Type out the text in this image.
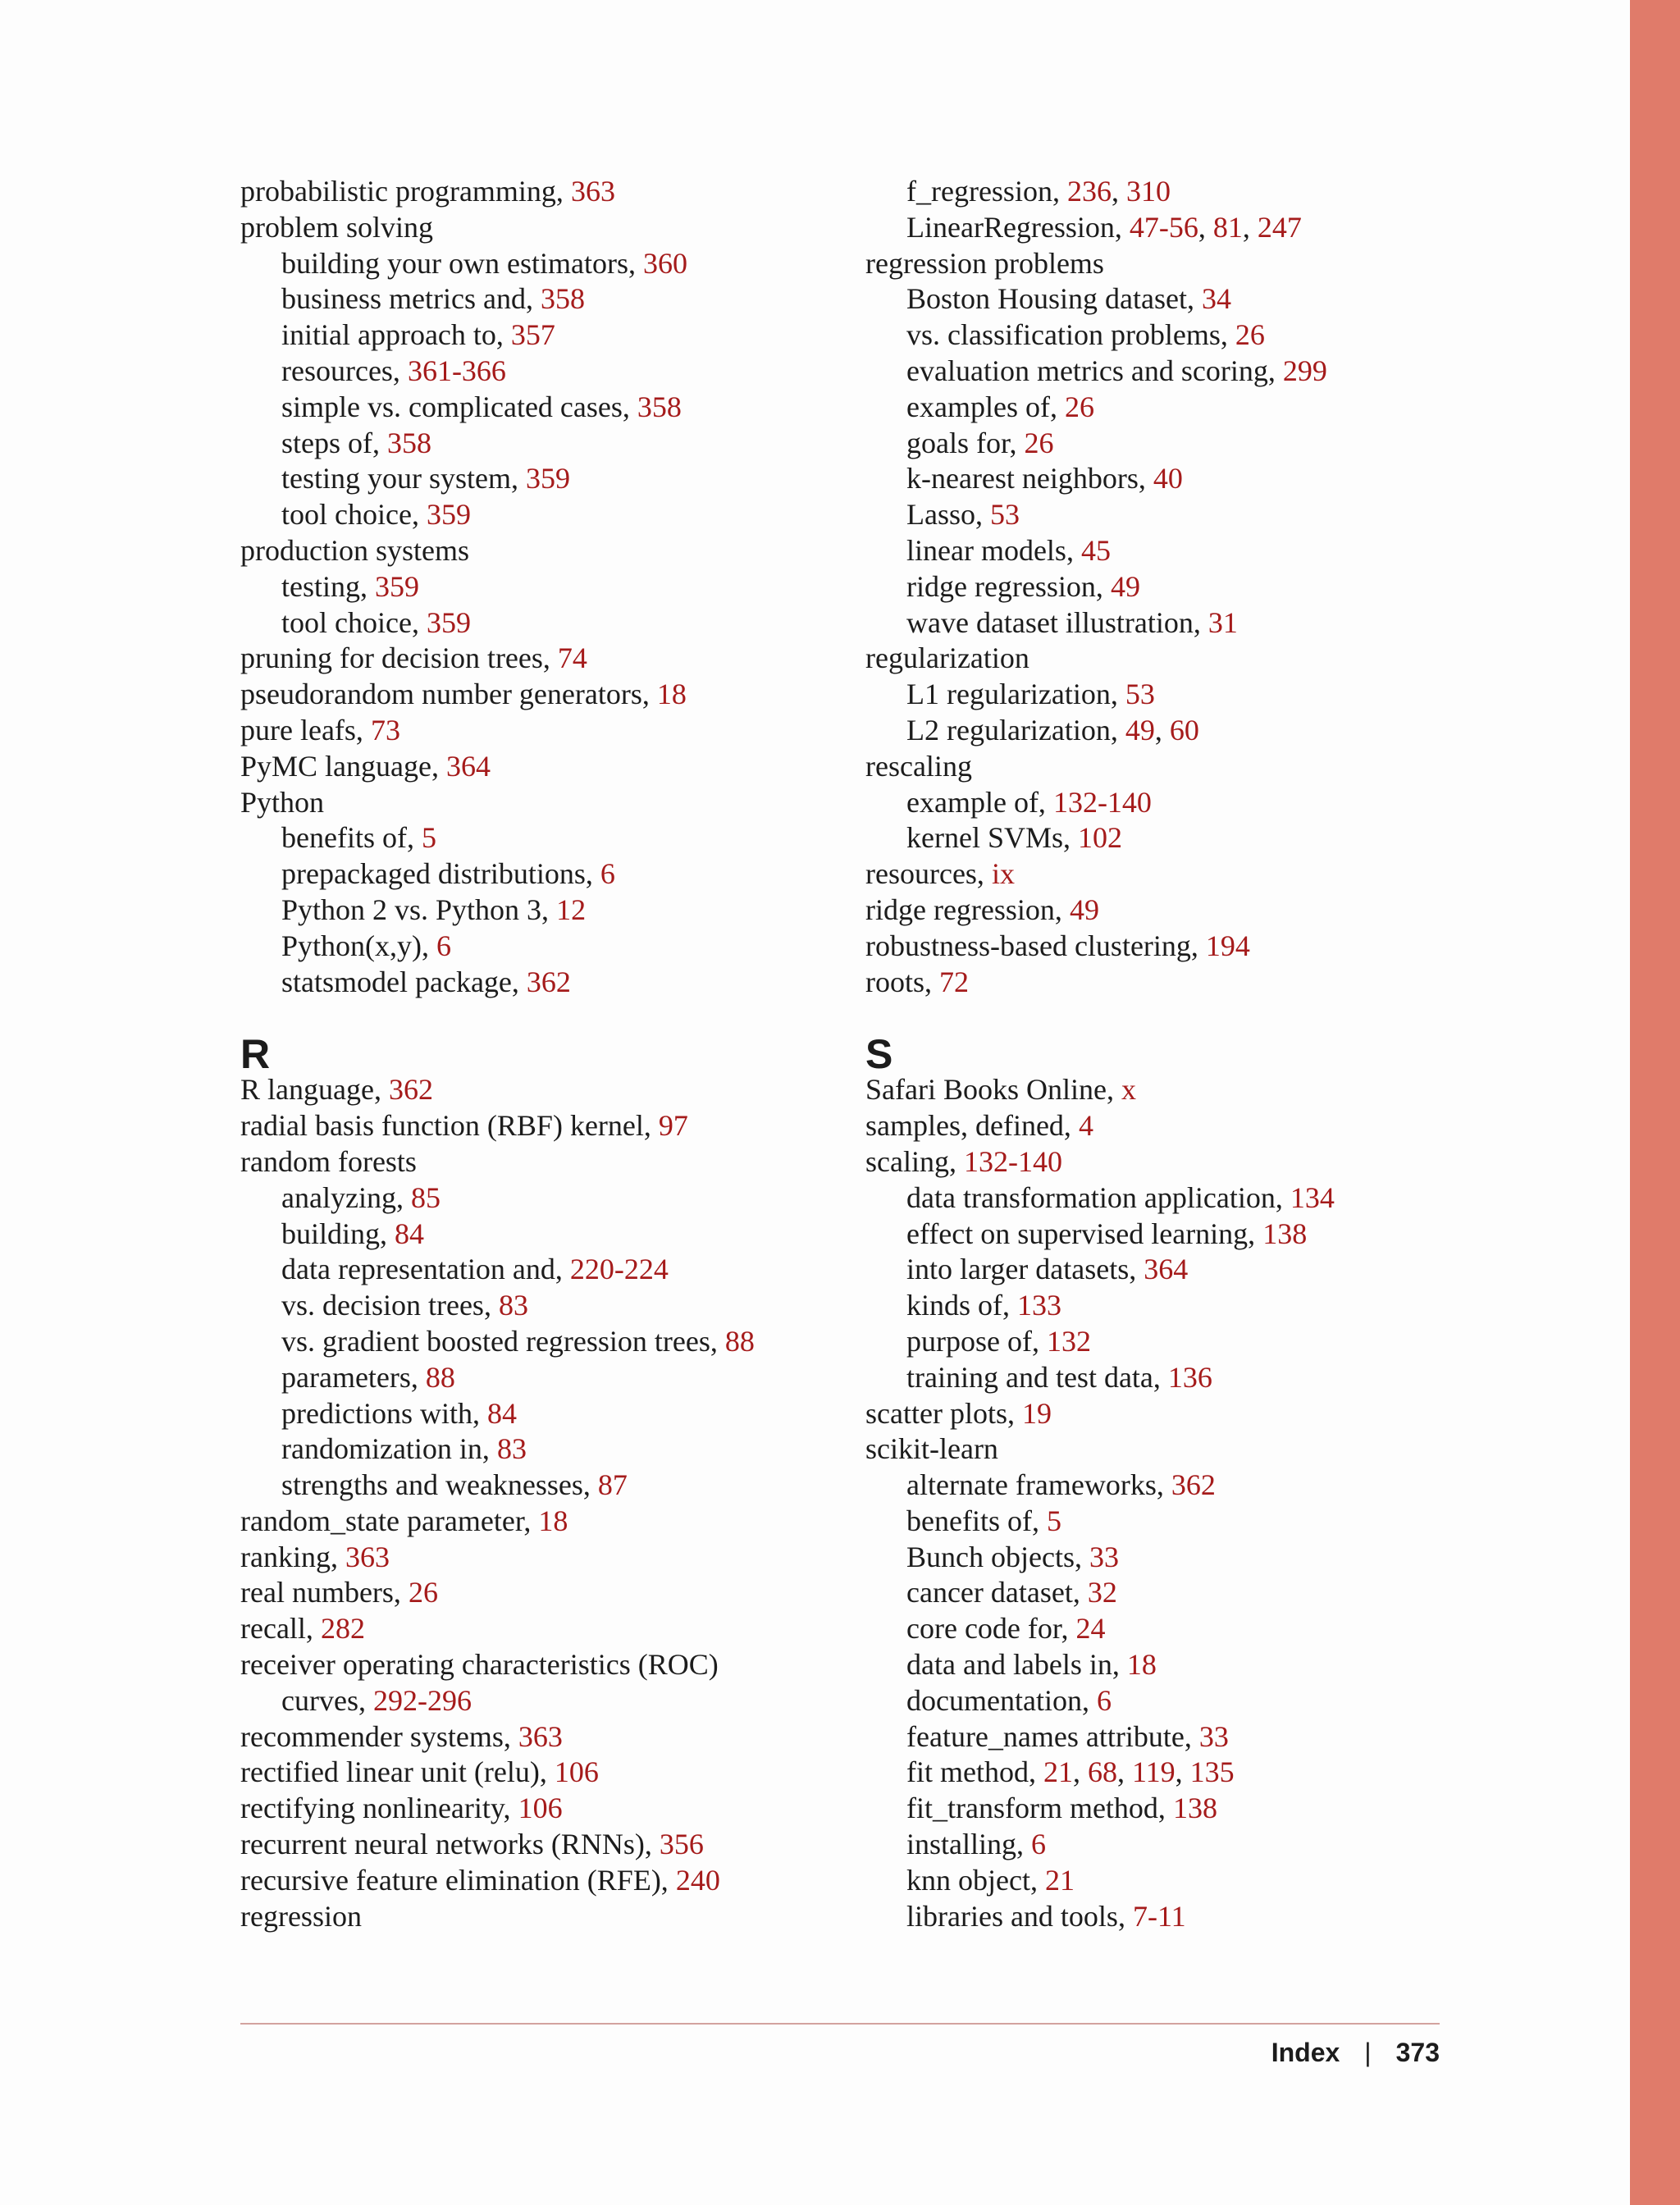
probabilistic programming, 363
problem solving
building your own estimators, 360
business metrics and, 358
initial approach to, 357
resources, 361-366
simple vs. complicated cases, 358
steps of, 358
testing your system, 359
tool choice, 359
production systems
testing, 359
tool choice, 359
pruning for decision trees, 74
pseudorandom number generators, 18
pure leafs, 73
PyMC language, 364
Python
benefits of, 5
prepackaged distributions, 6
Python 2 vs. Python 3, 12
Python(x,y), 6
statsmodel package, 362
R
R language, 362
radial basis function (RBF) kernel, 97
random forests
analyzing, 85
building, 84
data representation and, 220-224
vs. decision trees, 83
vs. gradient boosted regression trees, 88
parameters, 88
predictions with, 84
randomization in, 83
strengths and weaknesses, 87
random_state parameter, 18
ranking, 363
real numbers, 26
recall, 282
receiver operating characteristics (ROC)
curves, 292-296
recommender systems, 363
rectified linear unit (relu), 106
rectifying nonlinearity, 106
recurrent neural networks (RNNs), 356
recursive feature elimination (RFE), 240
regression
f_regression, 236, 310
LinearRegression, 47-56, 81, 247
regression problems
Boston Housing dataset, 34
vs. classification problems, 26
evaluation metrics and scoring, 299
examples of, 26
goals for, 26
k-nearest neighbors, 40
Lasso, 53
linear models, 45
ridge regression, 49
wave dataset illustration, 31
regularization
L1 regularization, 53
L2 regularization, 49, 60
rescaling
example of, 132-140
kernel SVMs, 102
resources, ix
ridge regression, 49
robustness-based clustering, 194
roots, 72
S
Safari Books Online, x
samples, defined, 4
scaling, 132-140
data transformation application, 134
effect on supervised learning, 138
into larger datasets, 364
kinds of, 133
purpose of, 132
training and test data, 136
scatter plots, 19
scikit-learn
alternate frameworks, 362
benefits of, 5
Bunch objects, 33
cancer dataset, 32
core code for, 24
data and labels in, 18
documentation, 6
feature_names attribute, 33
fit method, 21, 68, 119, 135
fit_transform method, 138
installing, 6
knn object, 21
libraries and tools, 7-11
Index | 373
